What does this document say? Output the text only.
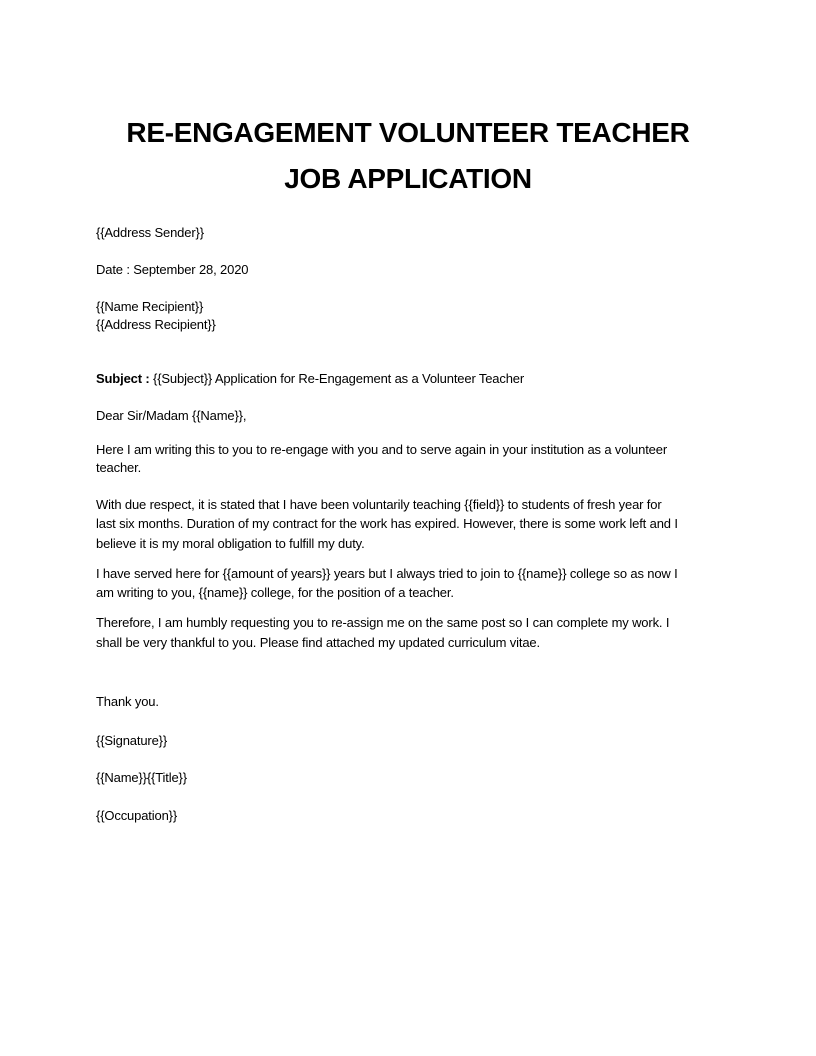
RE-ENGAGEMENT VOLUNTEER TEACHER
JOB APPLICATION
{{Address Sender}}
Date : September 28, 2020
{{Name Recipient}}
{{Address Recipient}}
Subject : {{Subject}} Application for Re-Engagement as a Volunteer Teacher
Dear Sir/Madam {{Name}},
Here I am writing this to you to re-engage with you and to serve again in your institution as a volunteer
teacher.
With due respect, it is stated that I have been voluntarily teaching {{field}} to students of fresh year for
last six months. Duration of my contract for the work has expired. However, there is some work left and I
believe it is my moral obligation to fulfill my duty.
I have served here for {{amount of years}} years but I always tried to join to {{name}} college so as now I
am writing to you, {{name}} college, for the position of a teacher.
Therefore, I am humbly requesting you to re-assign me on the same post so I can complete my work. I
shall be very thankful to you. Please find attached my updated curriculum vitae.
Thank you.
{{Signature}}
{{Name}}{{Title}}
{{Occupation}}
